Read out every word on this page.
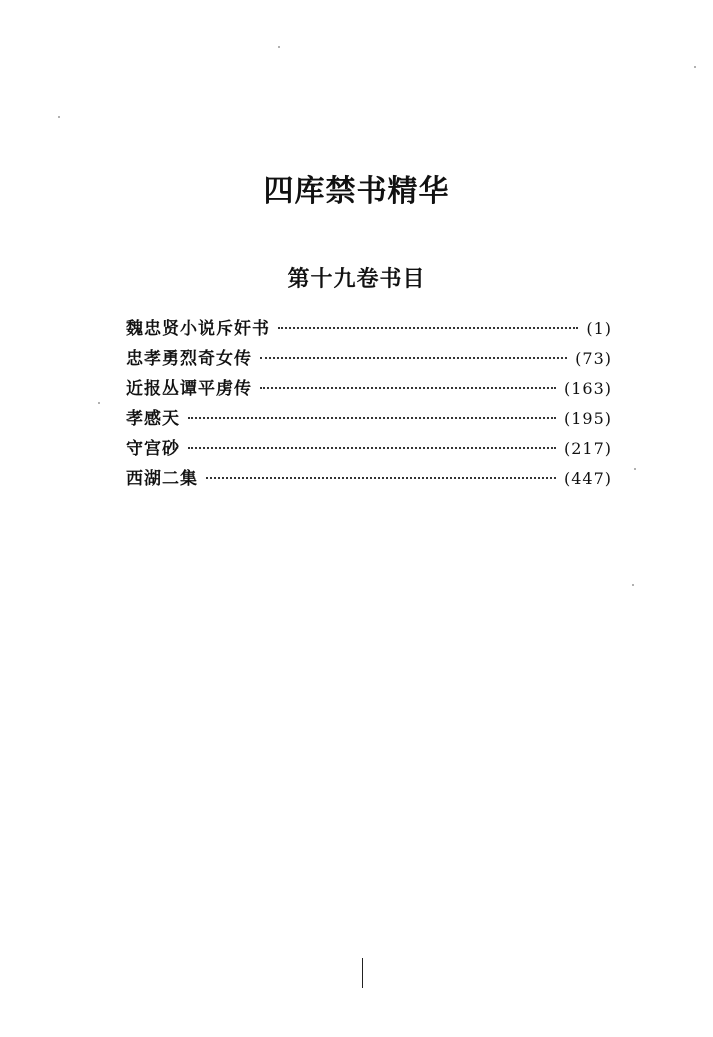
四库禁书精华
第十九卷书目
魏忠贤小说斥奸书	(1)
忠孝勇烈奇女传	(73)
近报丛谭平虏传	(163)
孝感天	(195)
守宫砂	(217)
西湖二集	(447)
